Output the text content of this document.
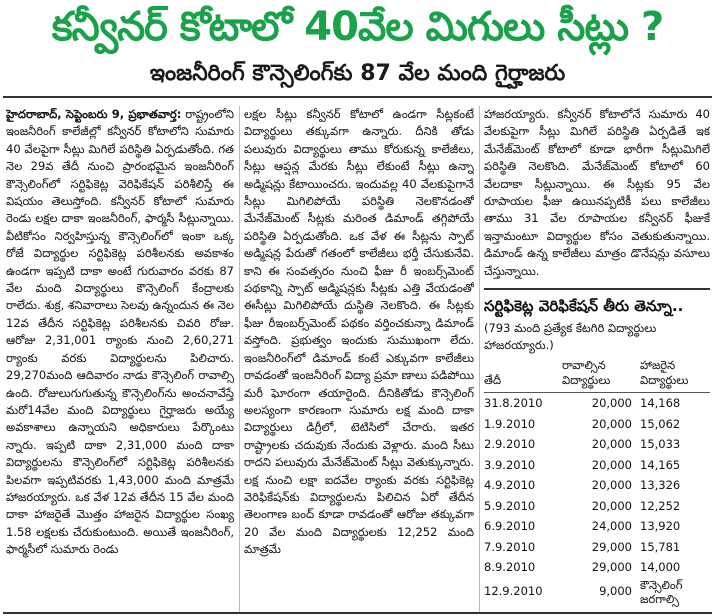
కన్వీనర్ కోటాలో 40వేల మిగులు సీట్లు ?
ఇంజనీరింగ్ కౌన్సెలింగ్‌కు 87 వేల మంది గైర్హాజరు
హైదరాబాద్, సెప్టెంబరు 9, ప్రభాతవార్త: రాష్ట్రంలోని ఇంజనీరింగ్ కాలేజీల్లో కన్వీనర్ కోటాలోని సుమారు 40 వేలపైగా సీట్లు మిగిలే పరిస్థితి ఏర్పడుతోంది. గత నెల 29వ తేదీ నుంచి ప్రారంభమైన ఇంజనీరింగ్ కౌన్సెలింగ్‌లో సర్టిఫికెట్ల వెరిఫికేషన్ పరిశీలిస్తే ఈ విషయం తెలుస్తోంది. కన్వీనర్ కోటాలో సుమారు రెండు లక్షల దాకా ఇంజనీరింగ్, ఫార్మసీ సీట్లున్నాయి. వీటికోసం నిర్వహిస్తున్న కౌన్సెలింగ్‌లో ఇంకా ఒక్క రోజే విద్యార్థుల సర్టిఫికెట్ల పరిశీలనకు అవకాశం ఉండగా ఇప్పటి దాకా అంటే గురువారం వరకు 87 వేల మంది విద్యార్థులు కౌన్సెలింగ్ కేంద్రాలకు రాలేదు. శుక్ర, శనివారాలు సెలవు ఉన్నందున ఈ నెల 12వ తేదీన సర్టిఫికెట్ల పరిశీలనకు చివరి రోజు. ఆరోజు 2,31,001 ర్యాంకు నుంచి 2,60,271 ర్యాంకు వరకు విద్యార్థులను పిలిచారు. 29,270మంది ఆదివారం నాడు కౌన్సెలింగ్ రావాల్సి ఉంది. రోజులుగుగుతున్న కౌన్సెలింగ్‌ను అంచనావేస్తే మరో14వేల మంది విద్యార్థులు గైర్హాజరు అయ్యే అవకాశాలు ఉన్నాయని అధికారులు పేర్కొంటు న్నారు. ఇప్పటి దాకా 2,31,000 మంది దాకా విద్యార్థులను కౌన్సెలింగ్‌లో సర్టిఫికెట్ల పరిశీలనకు పిలవగా ఇప్పటివరకు 1,43,000 మంది మాత్రమే హాజరయ్యారు. ఒక వేళ 12వ తేదీన 15 వేల మంది దాకా హాజరైతే మొత్తం హాజరైన విద్యార్థుల సంఖ్య 1.58 లక్షలకు చేరుకుంటుంది. అయితే ఇంజనీరింగ్, ఫార్మసీలో సుమారు రెండు
లక్షల సీట్లు కన్వీనర్ కోటాలో ఉండగా సీట్లకంటే విద్యార్థులు తక్కువగా ఉన్నారు. దీనికి తోడు పలువురు విద్యార్థులు తాము కోరుకున్న కాలేజీలు, సీట్లు ఆప్షన్ల మేరకు సీట్లు లేకుంటే సీట్లు ఉన్నా అడ్మిషన్లు కేటాయించరు. ఇందువల్ల 40 వేలకుపైగానే సీట్లు మిగిలిపోయే పరిస్థితి నెలకొనడంతో మేనేజ్‌మెంట్ సీట్లకు మరింత డిమాండ్ తగ్గిపోయే పరిస్థితి ఏర్పడుతోంది. ఒక వేళ ఈ సీట్లను స్పాట్ అడ్మిషన్ల పేరుతో గతంలో కాలేజీలు భర్తీ చేసుకునేవి. కాని ఈ సంవత్సరం నుంచి ఫీజు రీ ఇంబర్స్‌మెంట్ పథకాన్ని స్పాట్ అడ్మిషన్లకు సీట్లకు ఎత్తి వేయడంతో ఈసీట్లు మిగిలిపోయే దుస్థితి నెలకొంది. ఈ సీట్లకు ఫీజు రీఇంబర్స్‌మెంట్ పథకం వర్తించకున్నా డిమాండ్ వస్తోంది. ప్రభుత్వం ఇందుకు సుముఖంగా లేదు. ఇంజనీరింగ్‌లో డిమాండ్ కంటే ఎక్కువగా కాలేజీలు రావడంతో ఇంజనీరింగ్ విద్యా ప్రమా ణాలు పడిపోయి మరీ ఘోరంగా తయారైంది. దీనికితోడు కౌన్సెలింగ్ అలస్యంగా కారణంగా సుమారు లక్ష మంది దాకా విద్యార్థులు డిగ్రీలో, టెటిసిలో చేరారు. ఇతర రాష్ట్రాలకు చదువుకు నేందుకు వెళ్లారు. మంది సీటు రాదని పలువురు మేనేజ్‌మెంట్ సీట్లు వెతుక్కున్నారు. లక్ష నుంచి లక్షా ఐదవేల ర్యాంకు వరకు సర్టిఫికెట్ల వెరిఫికేషన్‌కు విద్యార్థులను పిలిచిన ఏరో తేదీన తెలంగాణ బంద్ కూడా రావడంతో ఆరోజు తక్కువగా 20 వేల మంది విద్యార్థులకు 12,252 మంది మాత్రమే
హాజరయ్యారు. కన్వీనర్ కోటాలోనే సుమారు 40 వేలకుపైగా సీట్లు మిగిలే పరిస్థితి ఏర్పడితే ఇక మేనేజ్‌మెంట్ కోటాలో కూడా భారీగా సీట్లుమిగిలే పరిస్థితి నెలకొంది. మేనేజ్‌మెంట్ కోటాలో 60 వేలదాకా సీట్లున్నాయి. ఈ సీట్లకు 95 వేల రూపాయల ఫీజు ఉయినప్పటికీ పలు కాలేజీలు తాము 31 వేల రూపాయల కన్వీనర్ ఫీజుకే ఇన్తామంటూ విద్యార్థుల కోసం వెతుకుతున్నాయి. డిమాండ్ ఉన్న కాలేజీలు మాత్రం డొనేషన్లు వసూలు చేస్తున్నాయి.
సర్టిఫికెట్ల వెరిఫికేషన్ తీరు తెన్నూ..
(793 మంది ప్రత్యేక కేటగిరి విద్యార్థులు హాజరయ్యారు.)
తేదీ	రావాల్సిన విద్యార్థులు	హాజరైన విద్యార్థులు
31.8.2010	20,000	14,168
1.9.2010	20,000	15,062
2.9.2010	20,000	15,033
3.9.2010	20,000	14,165
4.9.2010	20,000	13,326
5.9.2010	20,000	12,252
6.9.2010	24,000	13,920
7.9.2010	29,000	15,781
8.9.2010	29,000	14,000
12.9.2010	9,000	కౌన్సెలింగ్ జరగాల్సి
